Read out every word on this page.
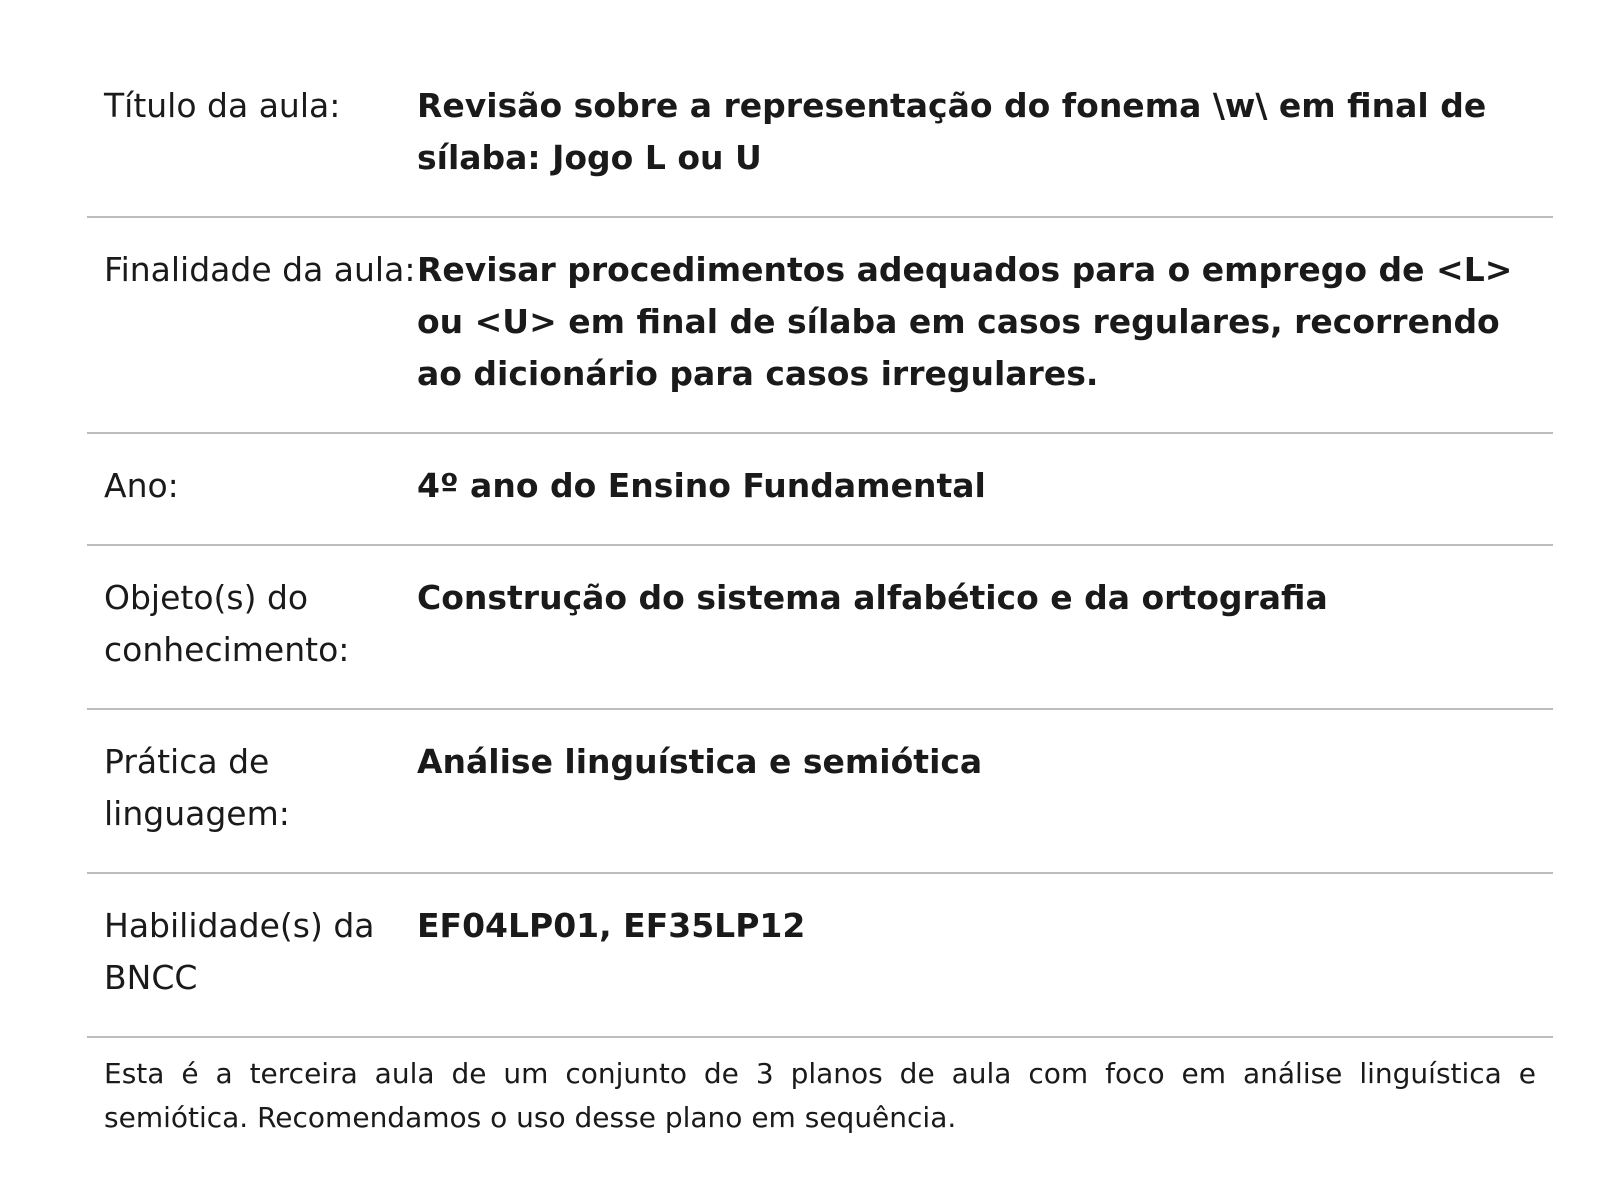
Título da aula:	Revisão sobre a representação do fonema \w\ em final de sílaba: Jogo L ou U
Finalidade da aula: Revisar procedimentos adequados para o emprego de <L> ou <U> em final de sílaba em casos regulares, recorrendo ao dicionário para casos irregulares.
Ano:	4º ano do Ensino Fundamental
Objeto(s) do conhecimento:
Construção do sistema alfabético e da ortografia
Prática de linguagem:
Análise linguística e semiótica
Habilidade(s) da BNCC
EF04LP01, EF35LP12
Esta é a terceira aula de um conjunto de 3 planos de aula com foco em análise linguística e semiótica. Recomendamos o uso desse plano em sequência.
